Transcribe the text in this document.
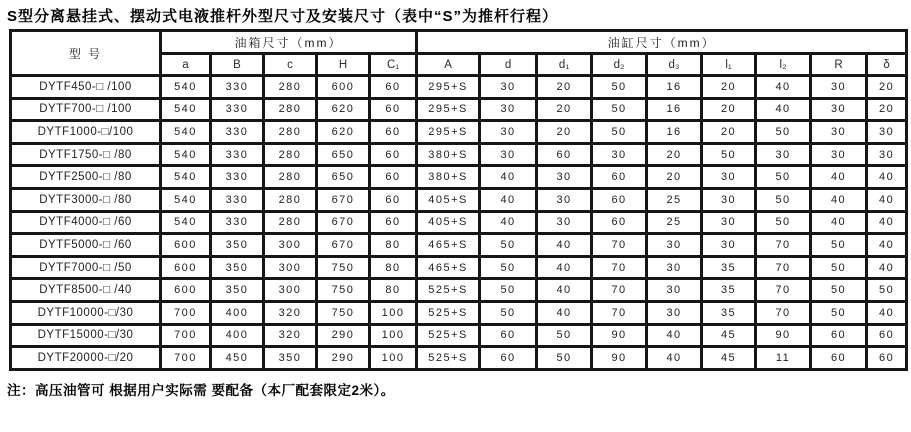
S型分离悬挂式、摆动式电液推杆外型尺寸及安装尺寸（表中“S”为推杆行程）
型 号	油箱尺寸（mm）					油缸尺寸（mm）								
	a	B	c	H	C₁	A	d	d₁	d₂	d₃	l₁	l₂	R	δ
DYTF450-□ /100	540	330	280	600	60	295+S	30	20	50	16	20	40	30	20
DYTF700-□ /100	540	330	280	620	60	295+S	30	20	50	16	20	40	30	20
DYTF1000-□/100	540	330	280	620	60	295+S	30	20	50	16	20	50	30	30
DYTF1750-□ /80	540	330	280	650	60	380+S	30	60	30	20	50	30	30	30
DYTF2500-□ /80	540	330	280	650	60	380+S	40	30	60	20	30	50	40	40
DYTF3000-□ /80	540	330	280	670	60	405+S	40	30	60	25	30	50	40	40
DYTF4000-□ /60	540	330	280	670	60	405+S	40	30	60	25	30	50	40	40
DYTF5000-□ /60	600	350	300	670	80	465+S	50	40	70	30	30	70	50	40
DYTF7000-□ /50	600	350	300	750	80	465+S	50	40	70	30	35	70	50	40
DYTF8500-□ /40	600	350	300	750	80	525+S	50	40	70	30	35	70	50	50
DYTF10000-□/30	700	400	320	750	100	525+S	50	40	70	30	35	70	50	40
DYTF15000-□/30	700	400	320	290	100	525+S	60	50	90	40	45	90	60	60
DYTF20000-□/20	700	450	350	290	100	525+S	60	50	90	40	45	11	60	60
注：高压油管可 根据用户实际需 要配备（本厂配套限定2米）。
